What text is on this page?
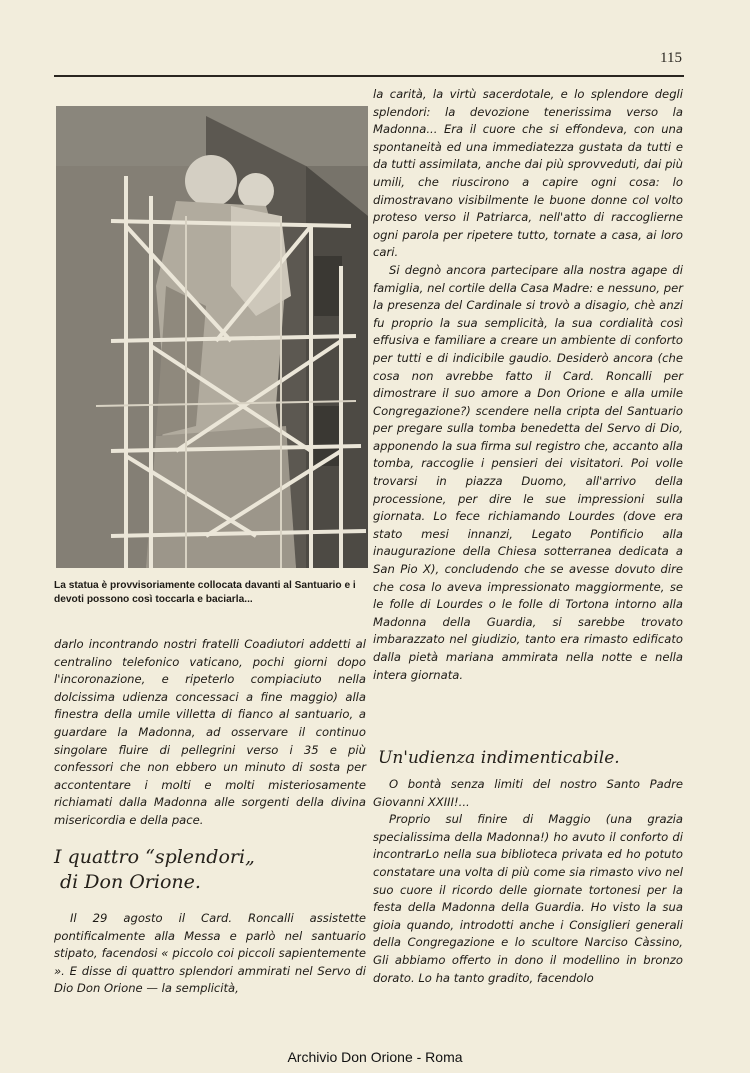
115

La statua è provvisoriamente collocata davanti al Santuario e i devoti possono così toccarla e baciarla...

darlo incontrando nostri fratelli Coadiutori addetti al centralino telefonico vaticano, pochi giorni dopo l'incoronazione, e ripeterlo compiaciuto nella dolcissima udienza concessaci a fine maggio) alla finestra della umile villetta di fianco al santuario, a guardare la Madonna, ad osservare il continuo singolare fluire di pellegrini verso i 35 e più confessori che non ebbero un minuto di sosta per accontentare i molti e molti misteriosamente richiamati dalla Madonna alle sorgenti della divina misericordia e della pace.

I quattro “splendori„
di Don Orione.

Il 29 agosto il Card. Roncalli assistette pontificalmente alla Messa e parlò nel santuario stipato, facendosi « piccolo coi piccoli sapientemente ». E disse di quattro splendori ammirati nel Servo di Dio Don Orione — la semplicità,

la carità, la virtù sacerdotale, e lo splendore degli splendori: la devozione tenerissima verso la Madonna... Era il cuore che si effondeva, con una spontaneità ed una immediatezza gustata da tutti e da tutti assimilata, anche dai più sprovveduti, dai più umili, che riuscirono a capire ogni cosa: lo dimostravano visibilmente le buone donne col volto proteso verso il Patriarca, nell'atto di raccoglierne ogni parola per ripetere tutto, tornate a casa, ai loro cari.

Si degnò ancora partecipare alla nostra agape di famiglia, nel cortile della Casa Madre: e nessuno, per la presenza del Cardinale si trovò a disagio, chè anzi fu proprio la sua semplicità, la sua cordialità così effusiva e familiare a creare un ambiente di conforto per tutti e di indicibile gaudio. Desiderò ancora (che cosa non avrebbe fatto il Card. Roncalli per dimostrare il suo amore a Don Orione e alla umile Congregazione?) scendere nella cripta del Santuario per pregare sulla tomba benedetta del Servo di Dio, apponendo la sua firma sul registro che, accanto alla tomba, raccoglie i pensieri dei visitatori. Poi volle trovarsi in piazza Duomo, all'arrivo della processione, per dire le sue impressioni sulla giornata. Lo fece richiamando Lourdes (dove era stato mesi innanzi, Legato Pontificio alla inaugurazione della Chiesa sotterranea dedicata a San Pio X), concludendo che se avesse dovuto dire che cosa lo aveva impressionato maggiormente, se le folle di Lourdes o le folle di Tortona intorno alla Madonna della Guardia, si sarebbe trovato imbarazzato nel giudizio, tanto era rimasto edificato dalla pietà mariana ammirata nella notte e nella intera giornata.

Un'udienza indimenticabile.

O bontà senza limiti del nostro Santo Padre Giovanni XXIII!...

Proprio sul finire di Maggio (una grazia specialissima della Madonna!) ho avuto il conforto di incontrarLo nella sua biblioteca privata ed ho potuto constatare una volta di più come sia rimasto vivo nel suo cuore il ricordo delle giornate tortonesi per la festa della Madonna della Guardia. Ho visto la sua gioia quando, introdotti anche i Consiglieri generali della Congregazione e lo scultore Narciso Càssino, Gli abbiamo offerto in dono il modellino in bronzo dorato. Lo ha tanto gradito, facendolo

Archivio Don Orione - Roma
